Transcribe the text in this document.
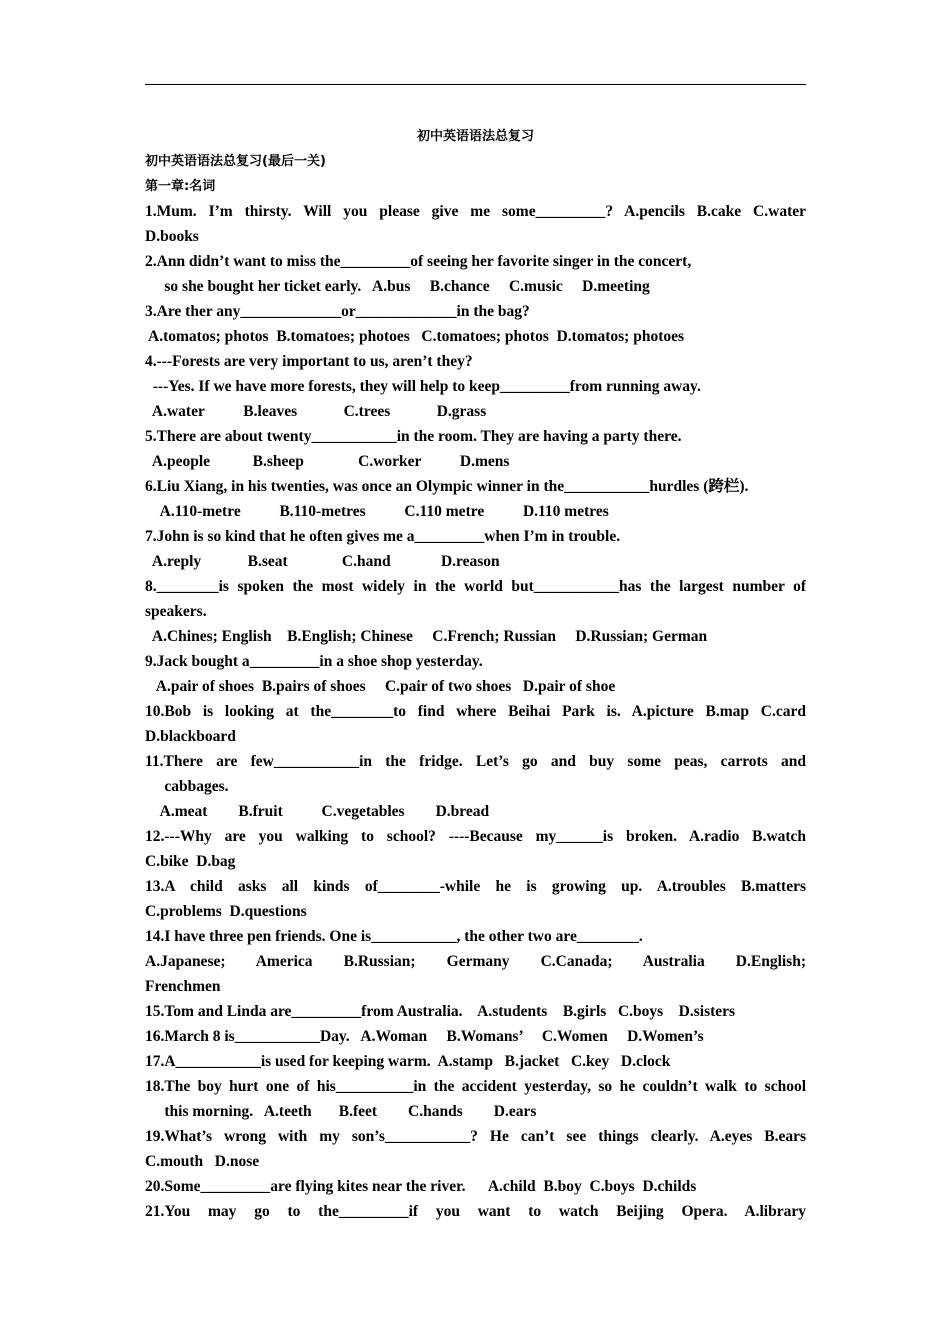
初中英语语法总复习
初中英语语法总复习(最后一关)
第一章:名词
1.Mum. I’m thirsty. Will you please give me some_________? A.pencils B.cake C.water
D.books
2.Ann didn’t want to miss the_________of seeing her favorite singer in the concert,
so she bought her ticket early.   A.bus     B.chance     C.music     D.meeting
3.Are ther any_____________or_____________in the bag?
A.tomatos; photos  B.tomatoes; photoes   C.tomatoes; photos  D.tomatos; photoes
4.---Forests are very important to us, aren’t they?
---Yes. If we have more forests, they will help to keep_________from running away.
A.water          B.leaves            C.trees            D.grass
5.There are about twenty___________in the room. They are having a party there.
A.people           B.sheep              C.worker          D.mens
6.Liu Xiang, in his twenties, was once an Olympic winner in the___________hurdles (跨栏).
A.110-metre          B.110-metres          C.110 metre          D.110 metres
7.John is so kind that he often gives me a_________when I’m in trouble.
A.reply            B.seat              C.hand             D.reason
8.________is spoken the most widely in the world but___________has the largest number of
speakers.
A.Chines; English    B.English; Chinese     C.French; Russian     D.Russian; German
9.Jack bought a_________in a shoe shop yesterday.
A.pair of shoes  B.pairs of shoes     C.pair of two shoes   D.pair of shoe
10.Bob is looking at the________to find where Beihai Park is. A.picture B.map C.card
D.blackboard
11.There are few___________in the fridge. Let’s go and buy some peas, carrots and
cabbages.
A.meat        B.fruit          C.vegetables        D.bread
12.---Why are you walking to school? ----Because my______is broken. A.radio B.watch
C.bike  D.bag
13.A child asks all kinds of________-while he is growing up. A.troubles B.matters
C.problems  D.questions
14.I have three pen friends. One is___________, the other two are________.
A.Japanese; America B.Russian; Germany C.Canada; Australia D.English;
Frenchmen
15.Tom and Linda are_________from Australia.    A.students    B.girls   C.boys    D.sisters
16.March 8 is___________Day.   A.Woman     B.Womans’     C.Women     D.Women’s
17.A___________is used for keeping warm.  A.stamp   B.jacket   C.key   D.clock
18.The boy hurt one of his__________in the accident yesterday, so he couldn’t walk to school
this morning.   A.teeth       B.feet        C.hands        D.ears
19.What’s wrong with my son’s___________? He can’t see things clearly. A.eyes B.ears
C.mouth   D.nose
20.Some_________are flying kites near the river.      A.child  B.boy  C.boys  D.childs
21.You may go to the_________if you want to watch Beijing Opera. A.library
